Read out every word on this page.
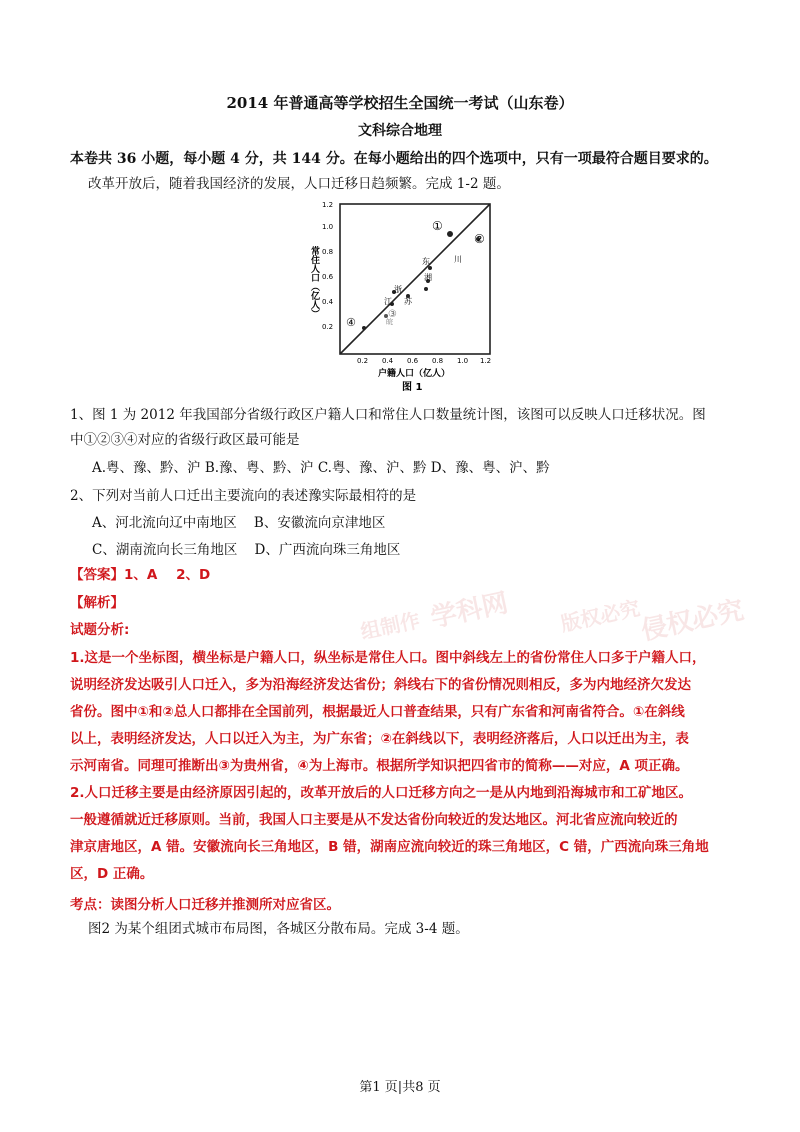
2014 年普通高等学校招生全国统一考试（山东卷）
文科综合地理
本卷共 36 小题，每小题 4 分，共 144 分。在每小题给出的四个选项中，只有一项最符合题目要求的。
改革开放后，随着我国经济的发展，人口迁移日趋频繁。完成 1-2 题。
常住人口（亿人）
0.2
0.4
0.6
0.8
1.0
1.2
0.2 0.4 0.6 0.8 1.0 1.2
户籍人口（亿人）
图 1
①
②
③
④
东	川
湘
浙
江 苏
皖
1、图 1 为 2012 年我国部分省级行政区户籍人口和常住人口数量统计图，该图可以反映人口迁移状况。图
中①②③④对应的省级行政区最可能是
A.粤、豫、黔、沪 B.豫、粤、黔、沪 C.粤、豫、沪、黔 D、豫、粤、沪、黔
2、下列对当前人口迁出主要流向的表述豫实际最相符的是
A、河北流向辽中南地区    B、安徽流向京津地区
C、湖南流向长三角地区    D、广西流向珠三角地区
【答案】1、A    2、D
【解析】
试题分析:
1.这是一个坐标图，横坐标是户籍人口，纵坐标是常住人口。图中斜线左上的省份常住人口多于户籍人口，
说明经济发达吸引人口迁入，多为沿海经济发达省份；斜线右下的省份情况则相反，多为内地经济欠发达
省份。图中①和②总人口都排在全国前列，根据最近人口普查结果，只有广东省和河南省符合。①在斜线
以上，表明经济发达，人口以迁入为主，为广东省；②在斜线以下，表明经济落后，人口以迁出为主，表
示河南省。同理可推断出③为贵州省，④为上海市。根据所学知识把四省市的简称——对应，A 项正确。
2.人口迁移主要是由经济原因引起的，改革开放后的人口迁移方向之一是从内地到沿海城市和工矿地区。
一般遵循就近迁移原则。当前，我国人口主要是从不发达省份向较近的发达地区。河北省应流向较近的
津京唐地区，A 错。安徽流向长三角地区，B 错，湖南应流向较近的珠三角地区，C 错，广西流向珠三角地
区，D 正确。
考点：读图分析人口迁移并推测所对应省区。
图2 为某个组团式城市布局图，各城区分散布局。完成 3-4 题。
学科网 版权必究
侵权必究
组制作
第1 页|共8 页
